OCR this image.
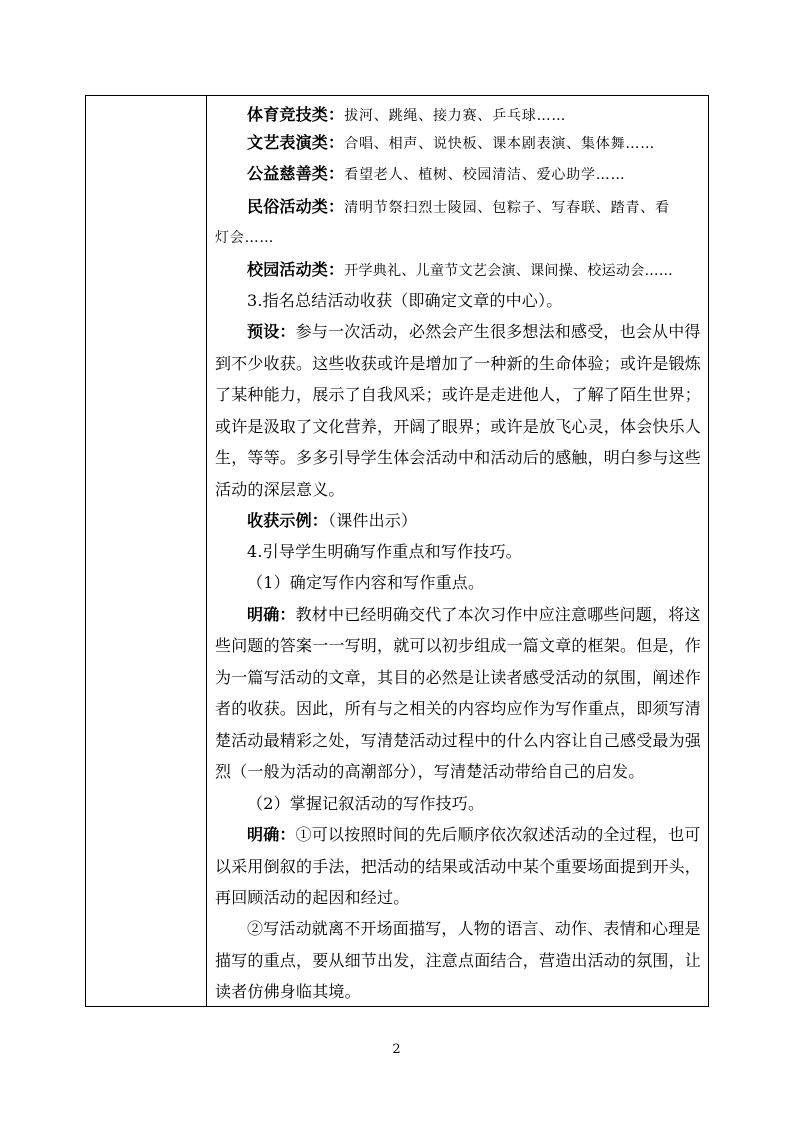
体育竞技类：拔河、跳绳、接力赛、乒乓球……
文艺表演类：合唱、相声、说快板、课本剧表演、集体舞……
公益慈善类：看望老人、植树、校园清洁、爱心助学……
民俗活动类：清明节祭扫烈士陵园、包粽子、写春联、踏青、看
灯会……
校园活动类：开学典礼、儿童节文艺会演、课间操、校运动会……
3.指名总结活动收获（即确定文章的中心）。
预设：参与一次活动，必然会产生很多想法和感受，也会从中得
到不少收获。这些收获或许是增加了一种新的生命体验；或许是锻炼
了某种能力，展示了自我风采；或许是走进他人，了解了陌生世界；
或许是汲取了文化营养，开阔了眼界；或许是放飞心灵，体会快乐人
生，等等。多多引导学生体会活动中和活动后的感触，明白参与这些
活动的深层意义。
收获示例：（课件出示）
4.引导学生明确写作重点和写作技巧。
（1）确定写作内容和写作重点。
明确：教材中已经明确交代了本次习作中应注意哪些问题，将这
些问题的答案一一写明，就可以初步组成一篇文章的框架。但是，作
为一篇写活动的文章，其目的必然是让读者感受活动的氛围，阐述作
者的收获。因此，所有与之相关的内容均应作为写作重点，即须写清
楚活动最精彩之处，写清楚活动过程中的什么内容让自己感受最为强
烈（一般为活动的高潮部分），写清楚活动带给自己的启发。
（2）掌握记叙活动的写作技巧。
明确：①可以按照时间的先后顺序依次叙述活动的全过程，也可
以采用倒叙的手法，把活动的结果或活动中某个重要场面提到开头，
再回顾活动的起因和经过。
②写活动就离不开场面描写，人物的语言、动作、表情和心理是
描写的重点，要从细节出发，注意点面结合，营造出活动的氛围，让
读者仿佛身临其境。
2
